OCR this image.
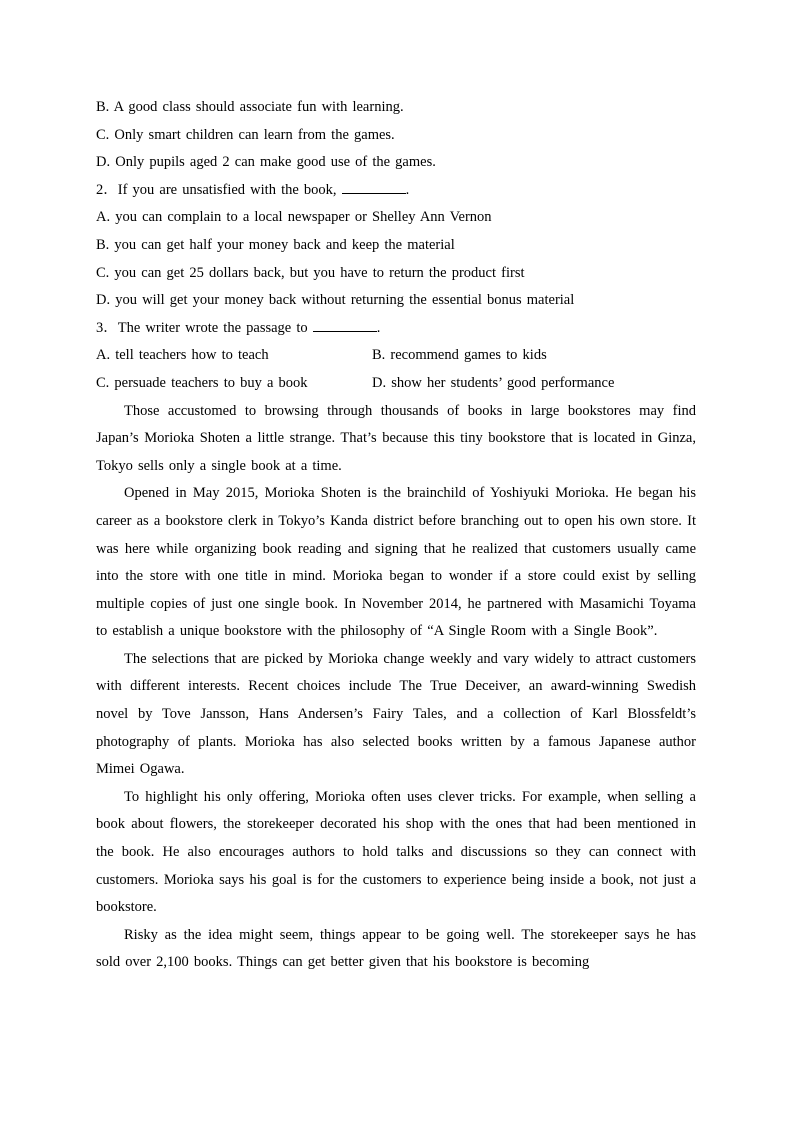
B. A good class should associate fun with learning.
C. Only smart children can learn from the games.
D. Only pupils aged 2 can make good use of the games.
2．If you are unsatisfied with the book,	.
A. you can complain to a local newspaper or Shelley Ann Vernon
B. you can get half your money back and keep the material
C. you can get 25 dollars back, but you have to return the product first
D. you will get your money back without returning the essential bonus material
3．The writer wrote the passage to	.
A. tell teachers how to teach	B. recommend games to kids
C. persuade teachers to buy a book	D. show her students’ good performance

Those accustomed to browsing through thousands of books in large bookstores may find Japan’s Morioka Shoten a little strange. That’s because this tiny bookstore that is located in Ginza, Tokyo sells only a single book at a time.

Opened in May 2015, Morioka Shoten is the brainchild of Yoshiyuki Morioka. He began his career as a bookstore clerk in Tokyo’s Kanda district before branching out to open his own store. It was here while organizing book reading and signing that he realized that customers usually came into the store with one title in mind. Morioka began to wonder if a store could exist by selling multiple copies of just one single book. In November 2014, he partnered with Masamichi Toyama to establish a unique bookstore with the philosophy of “A Single Room with a Single Book”.

The selections that are picked by Morioka change weekly and vary widely to attract customers with different interests. Recent choices include The True Deceiver, an award-winning Swedish novel by Tove Jansson, Hans Andersen’s Fairy Tales, and a collection of Karl Blossfeldt’s photography of plants. Morioka has also selected books written by a famous Japanese author Mimei Ogawa.

To highlight his only offering, Morioka often uses clever tricks. For example, when selling a book about flowers, the storekeeper decorated his shop with the ones that had been mentioned in the book. He also encourages authors to hold talks and discussions so they can connect with customers. Morioka says his goal is for the customers to experience being inside a book, not just a bookstore.

Risky as the idea might seem, things appear to be going well. The storekeeper says he has sold over 2,100 books. Things can get better given that his bookstore is becoming
